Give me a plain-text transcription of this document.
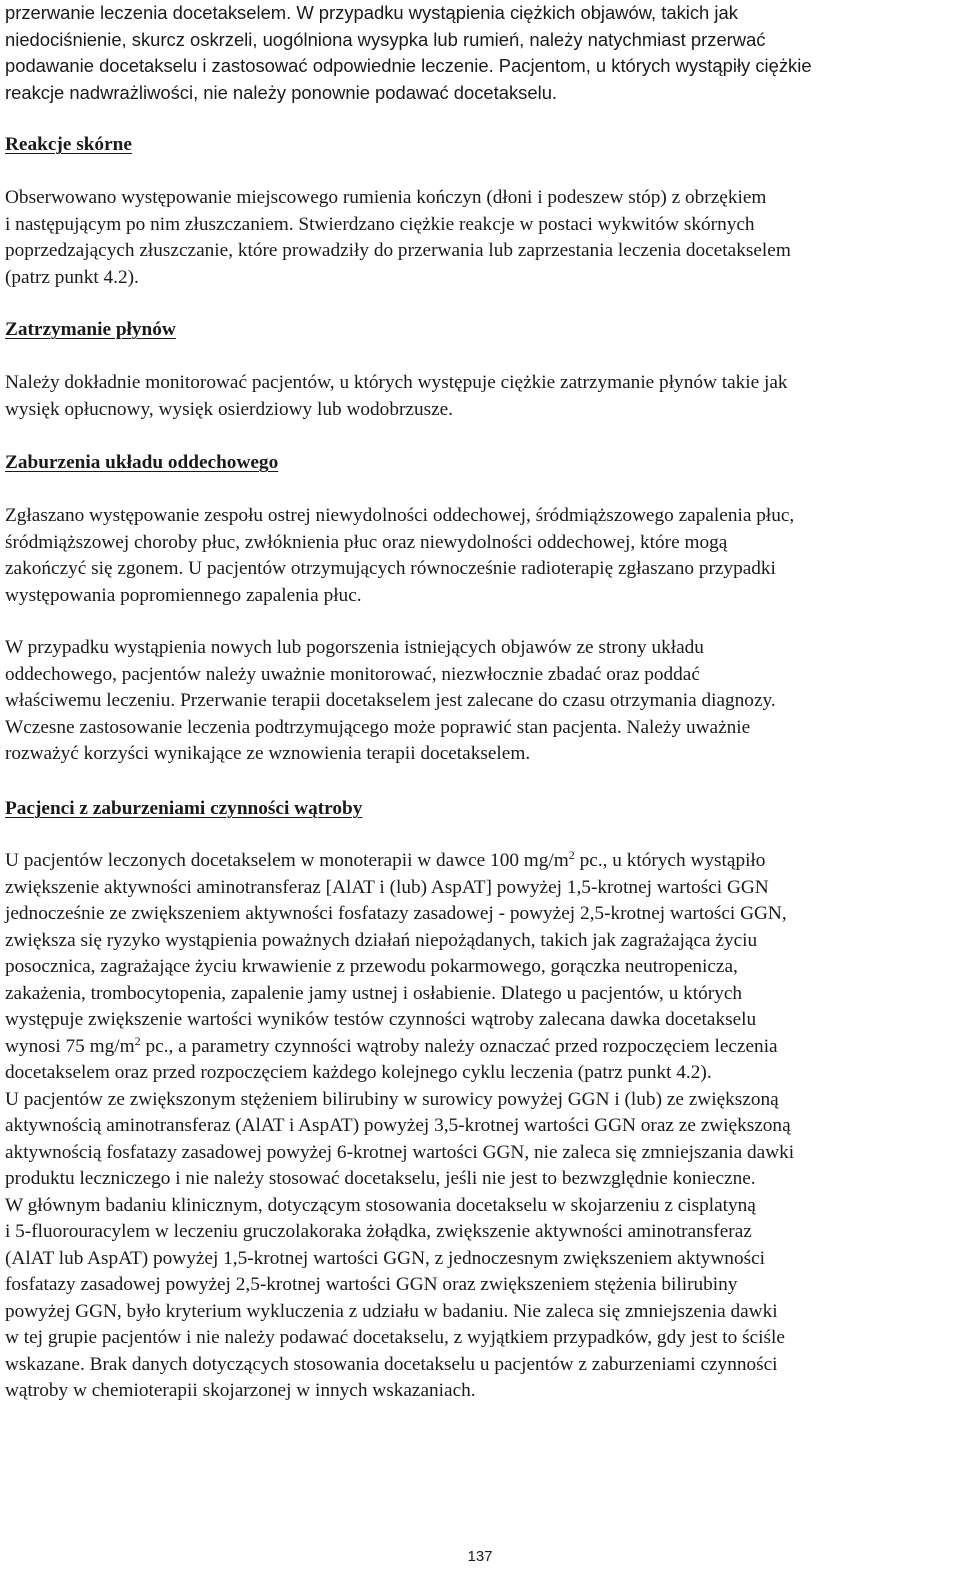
przerwanie leczenia docetakselem. W przypadku wystąpienia ciężkich objawów, takich jak
niedociśnienie, skurcz oskrzeli, uogólniona wysypka lub rumień, należy natychmiast przerwać
podawanie docetakselu i zastosować odpowiednie leczenie. Pacjentom, u których wystąpiły ciężkie
reakcje nadwrażliwości, nie należy ponownie podawać docetakselu.
Reakcje skórne
Obserwowano występowanie miejscowego rumienia kończyn (dłoni i podeszew stóp) z obrzękiem
i następującym po nim złuszczaniem. Stwierdzano ciężkie reakcje w postaci wykwitów skórnych
poprzedzających złuszczanie, które prowadziły do przerwania lub zaprzestania leczenia docetakselem
(patrz punkt 4.2).
Zatrzymanie płynów
Należy dokładnie monitorować pacjentów, u których występuje ciężkie zatrzymanie płynów takie jak
wysięk opłucnowy, wysięk osierdziowy lub wodobrzusze.
Zaburzenia układu oddechowego
Zgłaszano występowanie zespołu ostrej niewydolności oddechowej, śródmiąższowego zapalenia płuc,
śródmiąższowej choroby płuc, zwłóknienia płuc oraz niewydolności oddechowej, które mogą
zakończyć się zgonem. U pacjentów otrzymujących równocześnie radioterapię zgłaszano przypadki
występowania popromiennego zapalenia płuc.
W przypadku wystąpienia nowych lub pogorszenia istniejących objawów ze strony układu
oddechowego, pacjentów należy uważnie monitorować, niezwłocznie zbadać oraz poddać
właściwemu leczeniu. Przerwanie terapii docetakselem jest zalecane do czasu otrzymania diagnozy.
Wczesne zastosowanie leczenia podtrzymującego może poprawić stan pacjenta. Należy uważnie
rozważyć korzyści wynikające ze wznowienia terapii docetakselem.
Pacjenci z zaburzeniami czynności wątroby
U pacjentów leczonych docetakselem w monoterapii w dawce 100 $mg/m^2$ pc., u których wystąpiło
zwiększenie aktywności aminotransferaz [AlAT i (lub) AspAT] powyżej 1,5-krotnej wartości GGN
jednocześnie ze zwiększeniem aktywności fosfatazy zasadowej - powyżej 2,5-krotnej wartości GGN,
zwiększa się ryzyko wystąpienia poważnych działań niepożądanych, takich jak zagrażająca życiu
posocznica, zagrażające życiu krwawienie z przewodu pokarmowego, gorączka neutropenicza,
zakażenia, trombocytopenia, zapalenie jamy ustnej i osłabienie. Dlatego u pacjentów, u których
występuje zwiększenie wartości wyników testów czynności wątroby zalecana dawka docetakselu
wynosi 75 $mg/m^2$ pc., a parametry czynności wątroby należy oznaczać przed rozpoczęciem leczenia
docetakselem oraz przed rozpoczęciem każdego kolejnego cyklu leczenia (patrz punkt 4.2).
U pacjentów ze zwiększonym stężeniem bilirubiny w surowicy powyżej GGN i (lub) ze zwiększoną
aktywnością aminotransferaz (AlAT i AspAT) powyżej 3,5-krotnej wartości GGN oraz ze zwiększoną
aktywnością fosfatazy zasadowej powyżej 6-krotnej wartości GGN, nie zaleca się zmniejszania dawki
produktu leczniczego i nie należy stosować docetakselu, jeśli nie jest to bezwzględnie konieczne.
W głównym badaniu klinicznym, dotyczącym stosowania docetakselu w skojarzeniu z cisplatyną
i 5-fluorouracylem w leczeniu gruczolakoraka żołądka, zwiększenie aktywności aminotransferaz
(AlAT lub AspAT) powyżej 1,5-krotnej wartości GGN, z jednoczesnym zwiększeniem aktywności
fosfatazy zasadowej powyżej 2,5-krotnej wartości GGN oraz zwiększeniem stężenia bilirubiny
powyżej GGN, było kryterium wykluczenia z udziału w badaniu. Nie zaleca się zmniejszenia dawki
w tej grupie pacjentów i nie należy podawać docetakselu, z wyjątkiem przypadków, gdy jest to ściśle
wskazane. Brak danych dotyczących stosowania docetakselu u pacjentów z zaburzeniami czynności
wątroby w chemioterapii skojarzonej w innych wskazaniach.
137
